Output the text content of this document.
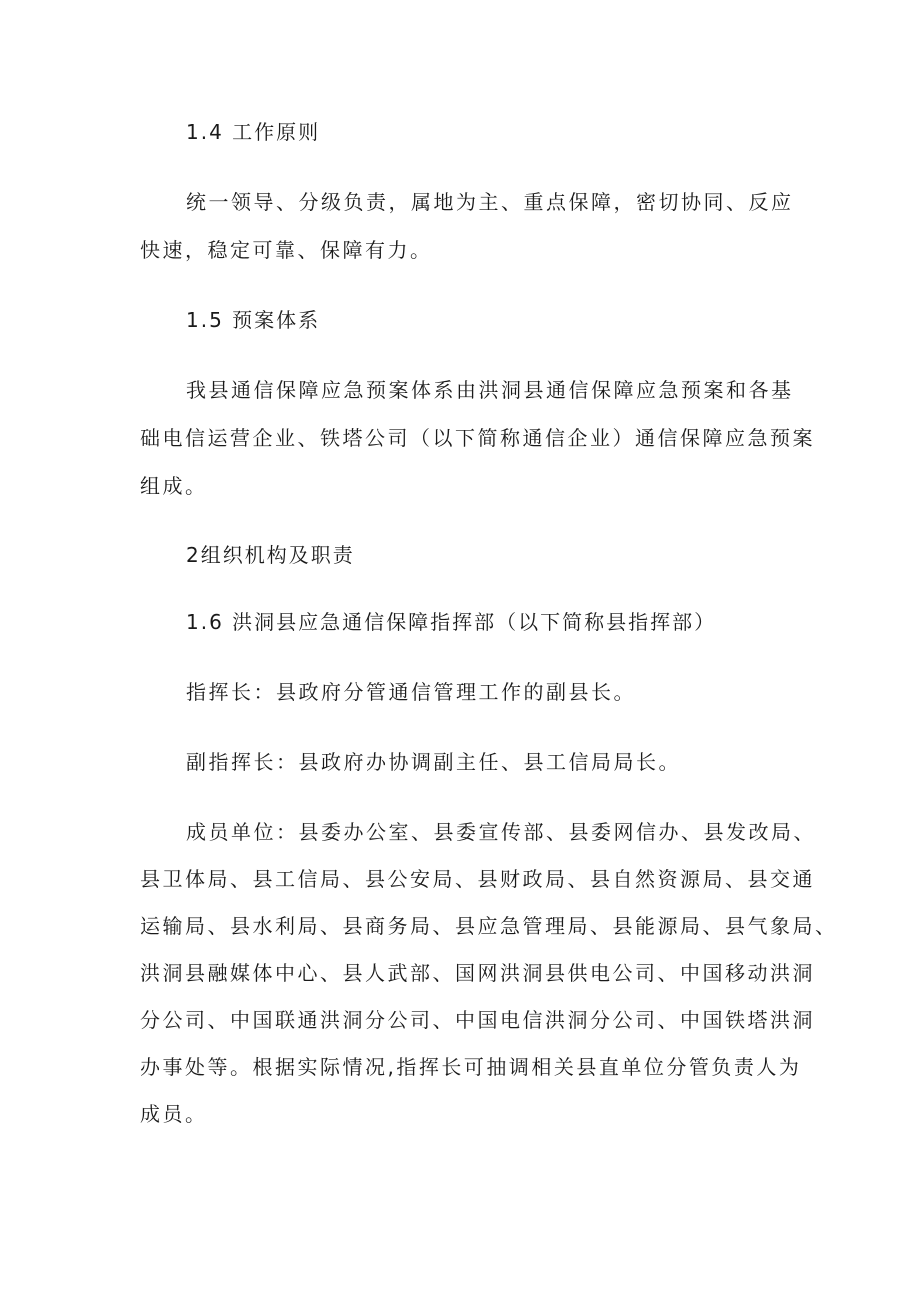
1.4 工作原则
统一领导、分级负责，属地为主、重点保障，密切协同、反应
快速，稳定可靠、保障有力。
1.5 预案体系
我县通信保障应急预案体系由洪洞县通信保障应急预案和各基
础电信运营企业、铁塔公司（以下简称通信企业）通信保障应急预案
组成。
2组织机构及职责
1.6 洪洞县应急通信保障指挥部（以下简称县指挥部）
指挥长：县政府分管通信管理工作的副县长。
副指挥长：县政府办协调副主任、县工信局局长。
成员单位：县委办公室、县委宣传部、县委网信办、县发改局、
县卫体局、县工信局、县公安局、县财政局、县自然资源局、县交通
运输局、县水利局、县商务局、县应急管理局、县能源局、县气象局、
洪洞县融媒体中心、县人武部、国网洪洞县供电公司、中国移动洪洞
分公司、中国联通洪洞分公司、中国电信洪洞分公司、中国铁塔洪洞
办事处等。根据实际情况,指挥长可抽调相关县直单位分管负责人为
成员。
